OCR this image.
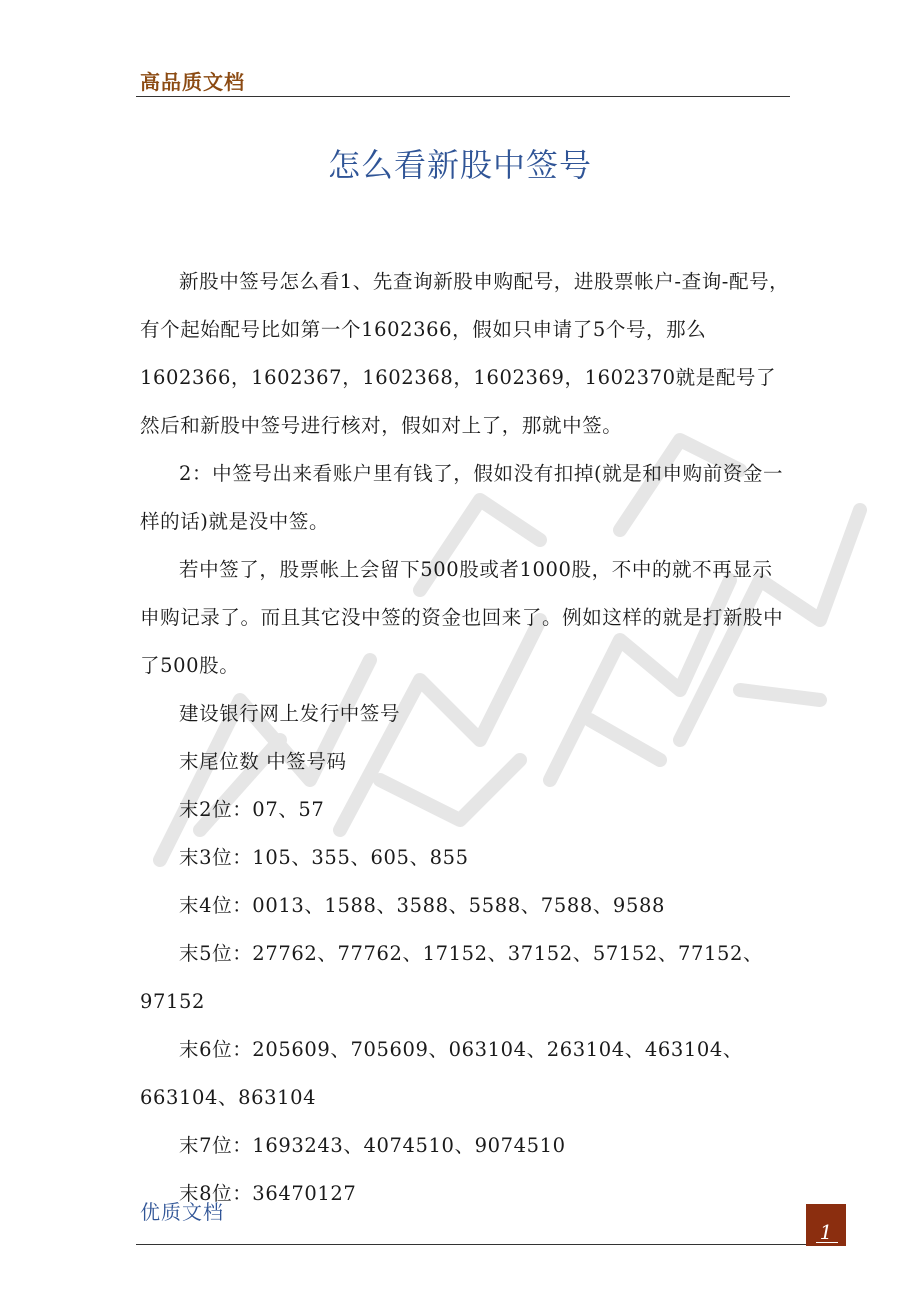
高品质文档
怎么看新股中签号

新股中签号怎么看1、先查询新股申购配号，进股票帐户-查询-配号，有个起始配号比如第一个1602366，假如只申请了5个号，那么1602366，1602367，1602368，1602369，1602370就是配号了然后和新股中签号进行核对，假如对上了，那就中签。

2：中签号出来看账户里有钱了，假如没有扣掉(就是和申购前资金一样的话)就是没中签。

若中签了，股票帐上会留下500股或者1000股，不中的就不再显示申购记录了。而且其它没中签的资金也回来了。例如这样的就是打新股中了500股。

建设银行网上发行中签号

末尾位数 中签号码

末2位：07、57

末3位：105、355、605、855

末4位：0013、1588、3588、5588、7588、9588

末5位：27762、77762、17152、37152、57152、77152、97152

末6位：205609、705609、063104、263104、463104、663104、863104

末7位：1693243、4074510、9074510

末8位：36470127

优质文档
1
